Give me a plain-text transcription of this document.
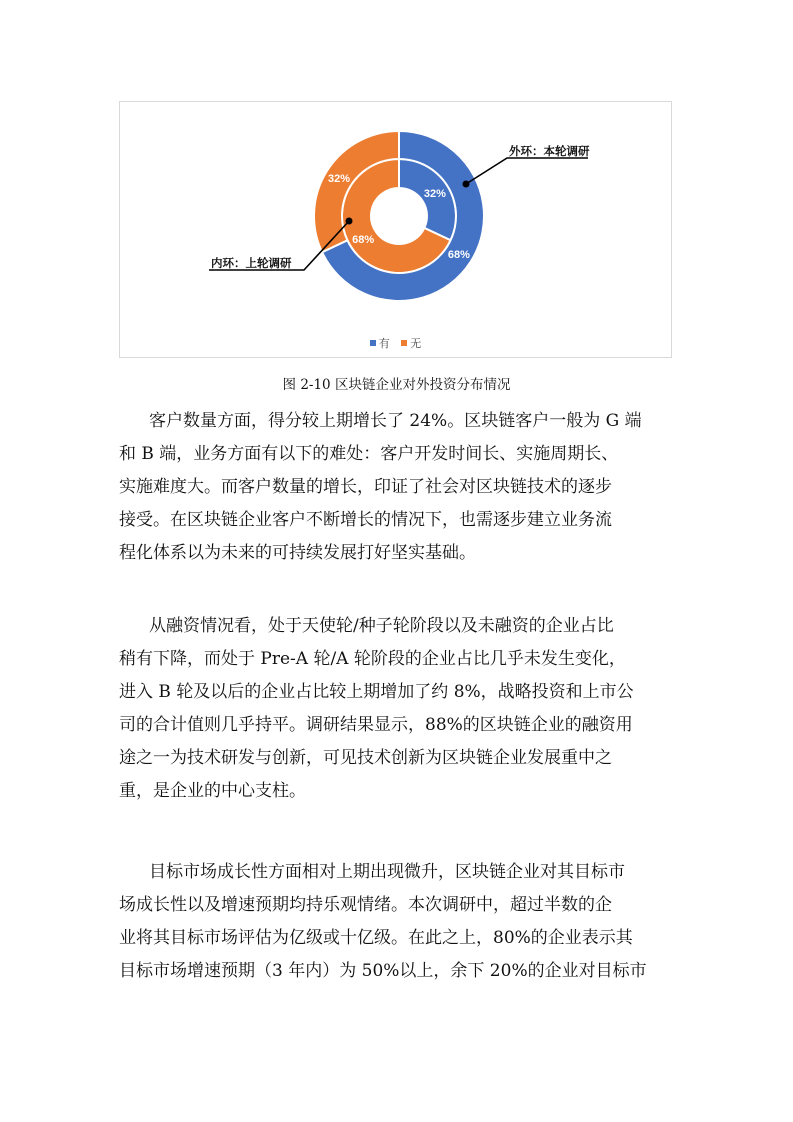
32%
68%
68%
32%
外环：本轮调研
内环：上轮调研
有 无
图 2-10 区块链企业对外投资分布情况
客户数量方面，得分较上期增长了 24%。区块链客户一般为 G 端
和 B 端，业务方面有以下的难处：客户开发时间长、实施周期长、
实施难度大。而客户数量的增长，印证了社会对区块链技术的逐步
接受。在区块链企业客户不断增长的情况下，也需逐步建立业务流
程化体系以为未来的可持续发展打好坚实基础。
从融资情况看，处于天使轮/种子轮阶段以及未融资的企业占比
稍有下降，而处于 Pre-A 轮/A 轮阶段的企业占比几乎未发生变化，
进入 B 轮及以后的企业占比较上期增加了约 8%，战略投资和上市公
司的合计值则几乎持平。调研结果显示，88%的区块链企业的融资用
途之一为技术研发与创新，可见技术创新为区块链企业发展重中之
重，是企业的中心支柱。
目标市场成长性方面相对上期出现微升，区块链企业对其目标市
场成长性以及增速预期均持乐观情绪。本次调研中，超过半数的企
业将其目标市场评估为亿级或十亿级。在此之上，80%的企业表示其
目标市场增速预期（3 年内）为 50%以上，余下 20%的企业对目标市
